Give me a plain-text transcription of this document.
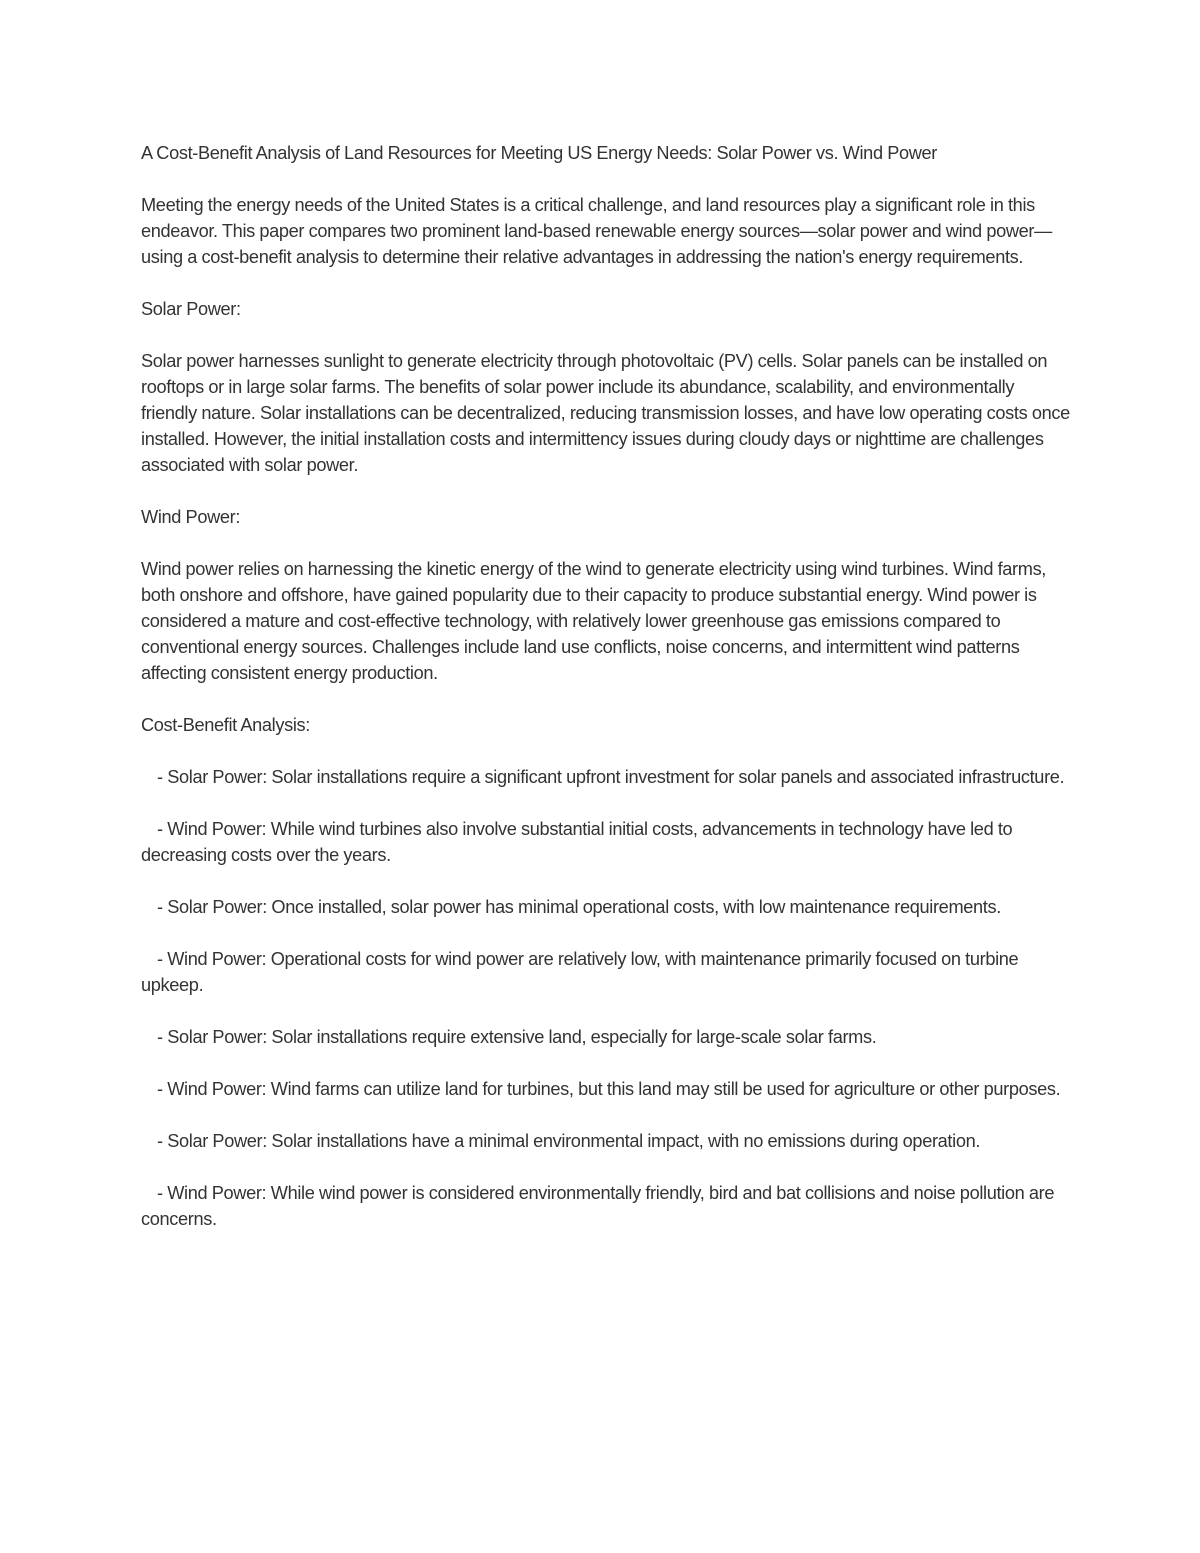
A Cost-Benefit Analysis of Land Resources for Meeting US Energy Needs: Solar Power vs. Wind Power

Meeting the energy needs of the United States is a critical challenge, and land resources play a significant role in this endeavor. This paper compares two prominent land-based renewable energy sources—solar power and wind power—using a cost-benefit analysis to determine their relative advantages in addressing the nation's energy requirements.

Solar Power:

Solar power harnesses sunlight to generate electricity through photovoltaic (PV) cells. Solar panels can be installed on rooftops or in large solar farms. The benefits of solar power include its abundance, scalability, and environmentally friendly nature. Solar installations can be decentralized, reducing transmission losses, and have low operating costs once installed. However, the initial installation costs and intermittency issues during cloudy days or nighttime are challenges associated with solar power.

Wind Power:

Wind power relies on harnessing the kinetic energy of the wind to generate electricity using wind turbines. Wind farms, both onshore and offshore, have gained popularity due to their capacity to produce substantial energy. Wind power is considered a mature and cost-effective technology, with relatively lower greenhouse gas emissions compared to conventional energy sources. Challenges include land use conflicts, noise concerns, and intermittent wind patterns affecting consistent energy production.

Cost-Benefit Analysis:

- Solar Power: Solar installations require a significant upfront investment for solar panels and associated infrastructure.

- Wind Power: While wind turbines also involve substantial initial costs, advancements in technology have led to decreasing costs over the years.

- Solar Power: Once installed, solar power has minimal operational costs, with low maintenance requirements.

- Wind Power: Operational costs for wind power are relatively low, with maintenance primarily focused on turbine upkeep.

- Solar Power: Solar installations require extensive land, especially for large-scale solar farms.

- Wind Power: Wind farms can utilize land for turbines, but this land may still be used for agriculture or other purposes.

- Solar Power: Solar installations have a minimal environmental impact, with no emissions during operation.

- Wind Power: While wind power is considered environmentally friendly, bird and bat collisions and noise pollution are concerns.
